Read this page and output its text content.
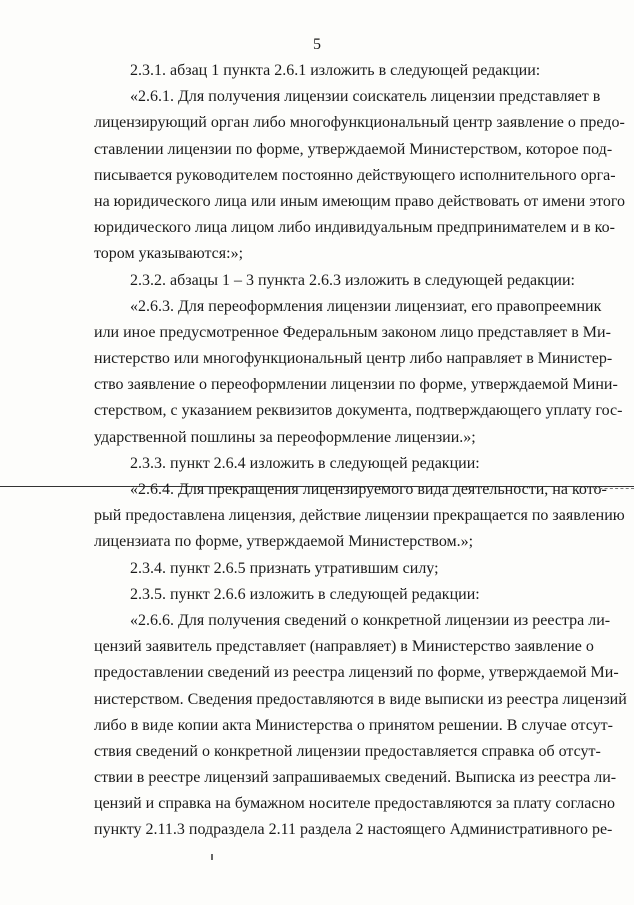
5
2.3.1. абзац 1 пункта 2.6.1 изложить в следующей редакции:
«2.6.1. Для получения лицензии соискатель лицензии представляет в
лицензирующий орган либо многофункциональный центр заявление о предо-
ставлении лицензии по форме, утверждаемой Министерством, которое под-
писывается руководителем постоянно действующего исполнительного орга-
на юридического лица или иным имеющим право действовать от имени этого
юридического лица лицом либо индивидуальным предпринимателем и в ко-
тором указываются:»;
2.3.2. абзацы 1 – 3 пункта 2.6.3 изложить в следующей редакции:
«2.6.3. Для переоформления лицензии лицензиат, его правопреемник
или иное предусмотренное Федеральным законом лицо представляет в Ми-
нистерство или многофункциональный центр либо направляет в Министер-
ство заявление о переоформлении лицензии по форме, утверждаемой Мини-
стерством, с указанием реквизитов документа, подтверждающего уплату гос-
ударственной пошлины за переоформление лицензии.»;
2.3.3. пункт 2.6.4 изложить в следующей редакции:
«2.6.4. Для прекращения лицензируемого вида деятельности, на кото-
рый предоставлена лицензия, действие лицензии прекращается по заявлению
лицензиата по форме, утверждаемой Министерством.»;
2.3.4. пункт 2.6.5 признать утратившим силу;
2.3.5. пункт 2.6.6 изложить в следующей редакции:
«2.6.6. Для получения сведений о конкретной лицензии из реестра ли-
цензий заявитель представляет (направляет) в Министерство заявление о
предоставлении сведений из реестра лицензий по форме, утверждаемой Ми-
нистерством. Сведения предоставляются в виде выписки из реестра лицензий
либо в виде копии акта Министерства о принятом решении. В случае отсут-
ствия сведений о конкретной лицензии предоставляется справка об отсут-
ствии в реестре лицензий запрашиваемых сведений. Выписка из реестра ли-
цензий и справка на бумажном носителе предоставляются за плату согласно
пункту 2.11.3 подраздела 2.11 раздела 2 настоящего Административного ре-
